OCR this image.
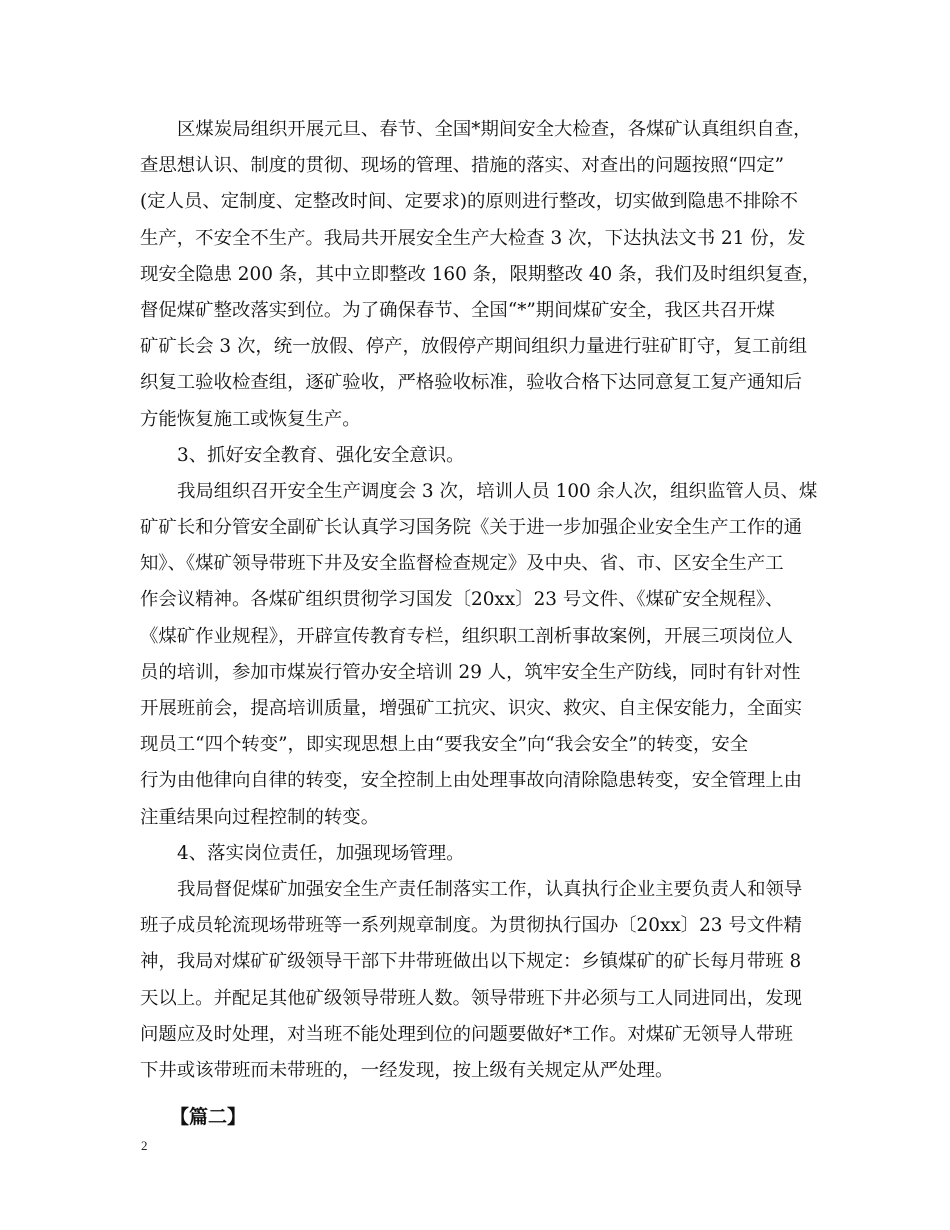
区煤炭局组织开展元旦、春节、全国*期间安全大检查，各煤矿认真组织自查，
查思想认识、制度的贯彻、现场的管理、措施的落实、对查出的问题按照“四定”
(定人员、定制度、定整改时间、定要求)的原则进行整改，切实做到隐患不排除不
生产，不安全不生产。我局共开展安全生产大检查 3 次，下达执法文书 21 份，发
现安全隐患 200 条，其中立即整改 160 条，限期整改 40 条，我们及时组织复查，
督促煤矿整改落实到位。为了确保春节、全国“*”期间煤矿安全，我区共召开煤
矿矿长会 3 次，统一放假、停产，放假停产期间组织力量进行驻矿盯守，复工前组
织复工验收检查组，逐矿验收，严格验收标准，验收合格下达同意复工复产通知后
方能恢复施工或恢复生产。
3、抓好安全教育、强化安全意识。
我局组织召开安全生产调度会 3 次，培训人员 100 余人次，组织监管人员、煤
矿矿长和分管安全副矿长认真学习国务院《关于进一步加强企业安全生产工作的通
知》、《煤矿领导带班下井及安全监督检查规定》及中央、省、市、区安全生产工
作会议精神。各煤矿组织贯彻学习国发〔20xx〕23 号文件、《煤矿安全规程》、
《煤矿作业规程》，开辟宣传教育专栏，组织职工剖析事故案例，开展三项岗位人
员的培训，参加市煤炭行管办安全培训 29 人，筑牢安全生产防线，同时有针对性
开展班前会，提高培训质量，增强矿工抗灾、识灾、救灾、自主保安能力，全面实
现员工“四个转变”，即实现思想上由“要我安全”向“我会安全”的转变，安全
行为由他律向自律的转变，安全控制上由处理事故向清除隐患转变，安全管理上由
注重结果向过程控制的转变。
4、落实岗位责任，加强现场管理。
我局督促煤矿加强安全生产责任制落实工作，认真执行企业主要负责人和领导
班子成员轮流现场带班等一系列规章制度。为贯彻执行国办〔20xx〕23 号文件精
神，我局对煤矿矿级领导干部下井带班做出以下规定：乡镇煤矿的矿长每月带班 8
天以上。并配足其他矿级领导带班人数。领导带班下井必须与工人同进同出，发现
问题应及时处理，对当班不能处理到位的问题要做好*工作。对煤矿无领导人带班
下井或该带班而未带班的，一经发现，按上级有关规定从严处理。
【篇二】
2
